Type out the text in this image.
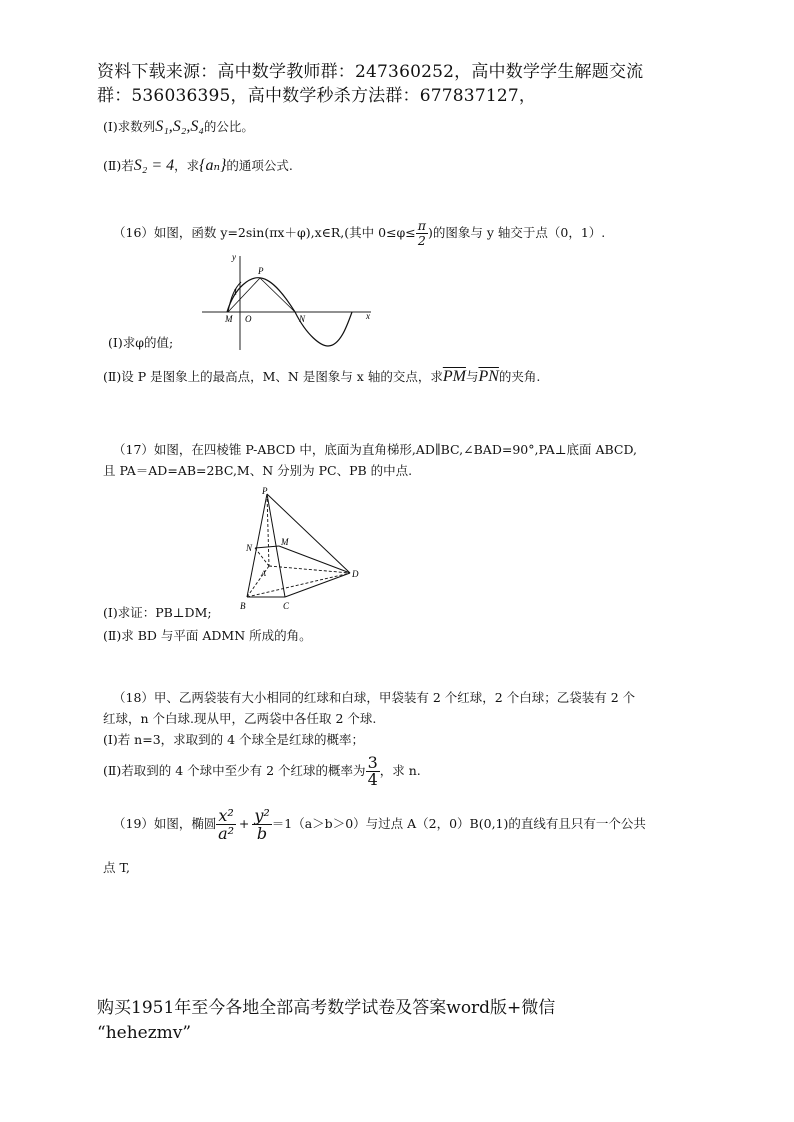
资料下载来源：高中数学教师群：247360252，高中数学学生解题交流
群：536036395，高中数学秒杀方法群：677837127，
(Ⅰ)求数列S₁,S₂,S₄的公比。
(Ⅱ)若S₂ = 4，求{aₙ}的通项公式.
（16）如图，函数 y=2sin(πx＋φ),x∈R,(其中 $0\le\varphi\le \frac{\pi}{2}$ )的图象与 y 轴交于点（0，1）.
y
x
P
1
M O	N
(Ⅰ)求φ的值;
(Ⅱ)设 P 是图象上的最高点，M、N 是图象与 x 轴的交点，求$\overline{PM}$与$\overline{PN}$的夹角.
（17）如图，在四棱锥 P-ABCD 中，底面为直角梯形,AD∥BC,∠BAD=90°,PA⊥底面 ABCD,
且 PA＝AD=AB=2BC,M、N 分别为 PC、PB 的中点.
P
N
M
A
B	C
D
(Ⅰ)求证：PB⊥DM;
(Ⅱ)求 BD 与平面 ADMN 所成的角。
（18）甲、乙两袋装有大小相同的红球和白球，甲袋装有 2 个红球，2 个白球；乙袋装有 2 个
红球，n 个白球.现从甲，乙两袋中各任取 2 个球.
(Ⅰ)若 n=3，求取到的 4 个球全是红球的概率；
(Ⅱ)若取到的 4 个球中至少有 2 个红球的概率为 $\frac{3}{4}$ ，求 n.
（19）如图，椭圆 $\frac{\text{x²}}{\text{a²}} + \frac{\text{y²}}{b} =1(a>b>0)$与过点 A（2，0）B(0,1)的直线有且只有一个公共
点 T,
购买1951年至今各地全部高考数学试卷及答案word版+微信
“hehezmv”
